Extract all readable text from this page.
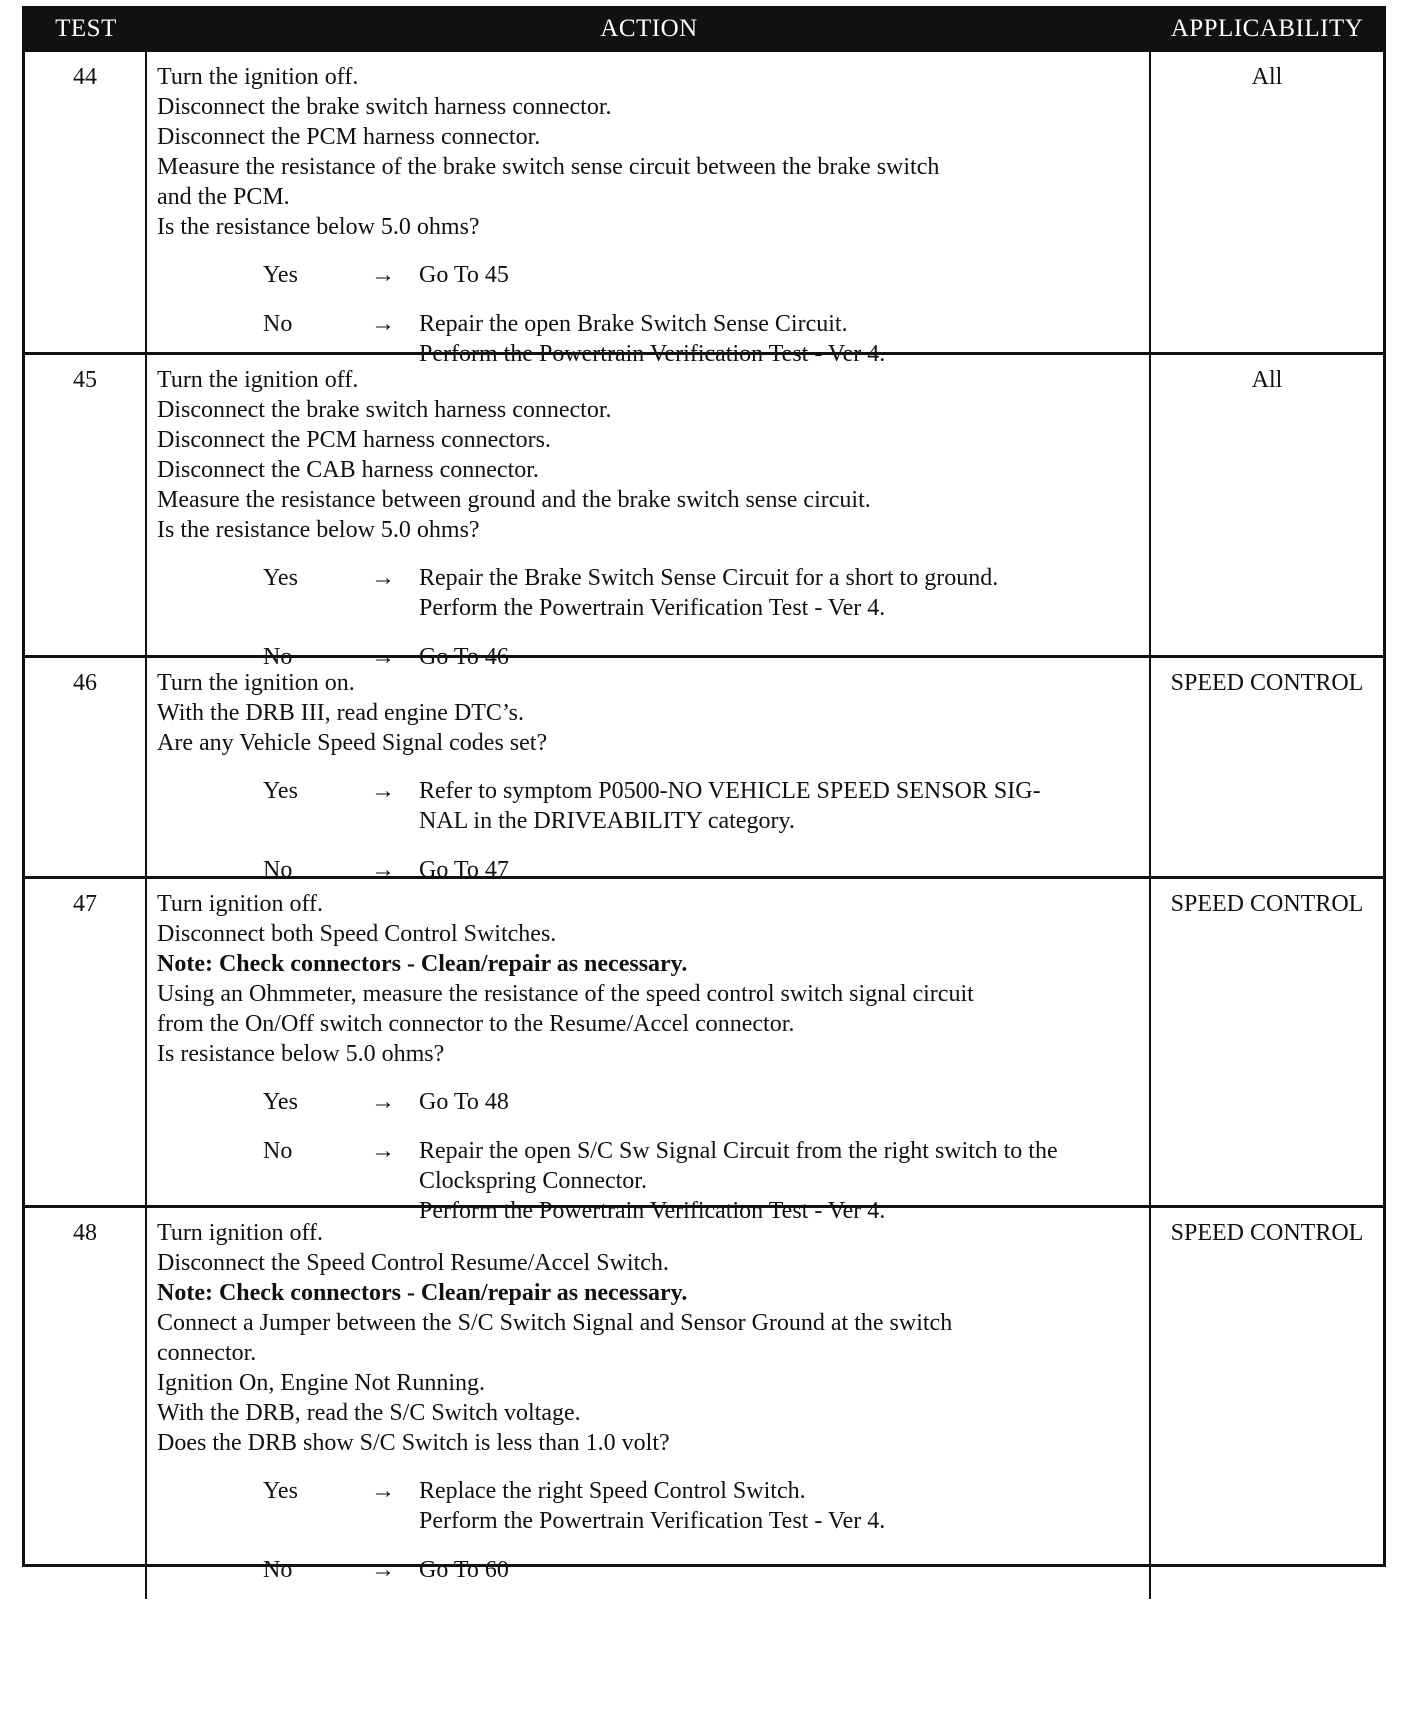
TEST	ACTION	APPLICABILITY
44	Turn the ignition off.
Disconnect the brake switch harness connector.
Disconnect the PCM harness connector.
Measure the resistance of the brake switch sense circuit between the brake switch
and the PCM.
Is the resistance below 5.0 ohms?
Yes	→	Go To 45
No	→	Repair the open Brake Switch Sense Circuit.
Perform the Powertrain Verification Test - Ver 4.
All
45	Turn the ignition off.
Disconnect the brake switch harness connector.
Disconnect the PCM harness connectors.
Disconnect the CAB harness connector.
Measure the resistance between ground and the brake switch sense circuit.
Is the resistance below 5.0 ohms?
Yes	→	Repair the Brake Switch Sense Circuit for a short to ground.
Perform the Powertrain Verification Test - Ver 4.
No	→	Go To 46
All
46	Turn the ignition on.
With the DRB III, read engine DTC’s.
Are any Vehicle Speed Signal codes set?
Yes	→	Refer to symptom P0500-NO VEHICLE SPEED SENSOR SIG-
NAL in the DRIVEABILITY category.
No	→	Go To 47
SPEED CONTROL
47	Turn ignition off.
Disconnect both Speed Control Switches.
Note: Check connectors - Clean/repair as necessary.
Using an Ohmmeter, measure the resistance of the speed control switch signal circuit
from the On/Off switch connector to the Resume/Accel connector.
Is resistance below 5.0 ohms?
Yes	→	Go To 48
No	→	Repair the open S/C Sw Signal Circuit from the right switch to the
Clockspring Connector.
Perform the Powertrain Verification Test - Ver 4.
SPEED CONTROL
48	Turn ignition off.
Disconnect the Speed Control Resume/Accel Switch.
Note: Check connectors - Clean/repair as necessary.
Connect a Jumper between the S/C Switch Signal and Sensor Ground at the switch
connector.
Ignition On, Engine Not Running.
With the DRB, read the S/C Switch voltage.
Does the DRB show S/C Switch is less than 1.0 volt?
Yes	→	Replace the right Speed Control Switch.
Perform the Powertrain Verification Test - Ver 4.
No	→	Go To 60
SPEED CONTROL
